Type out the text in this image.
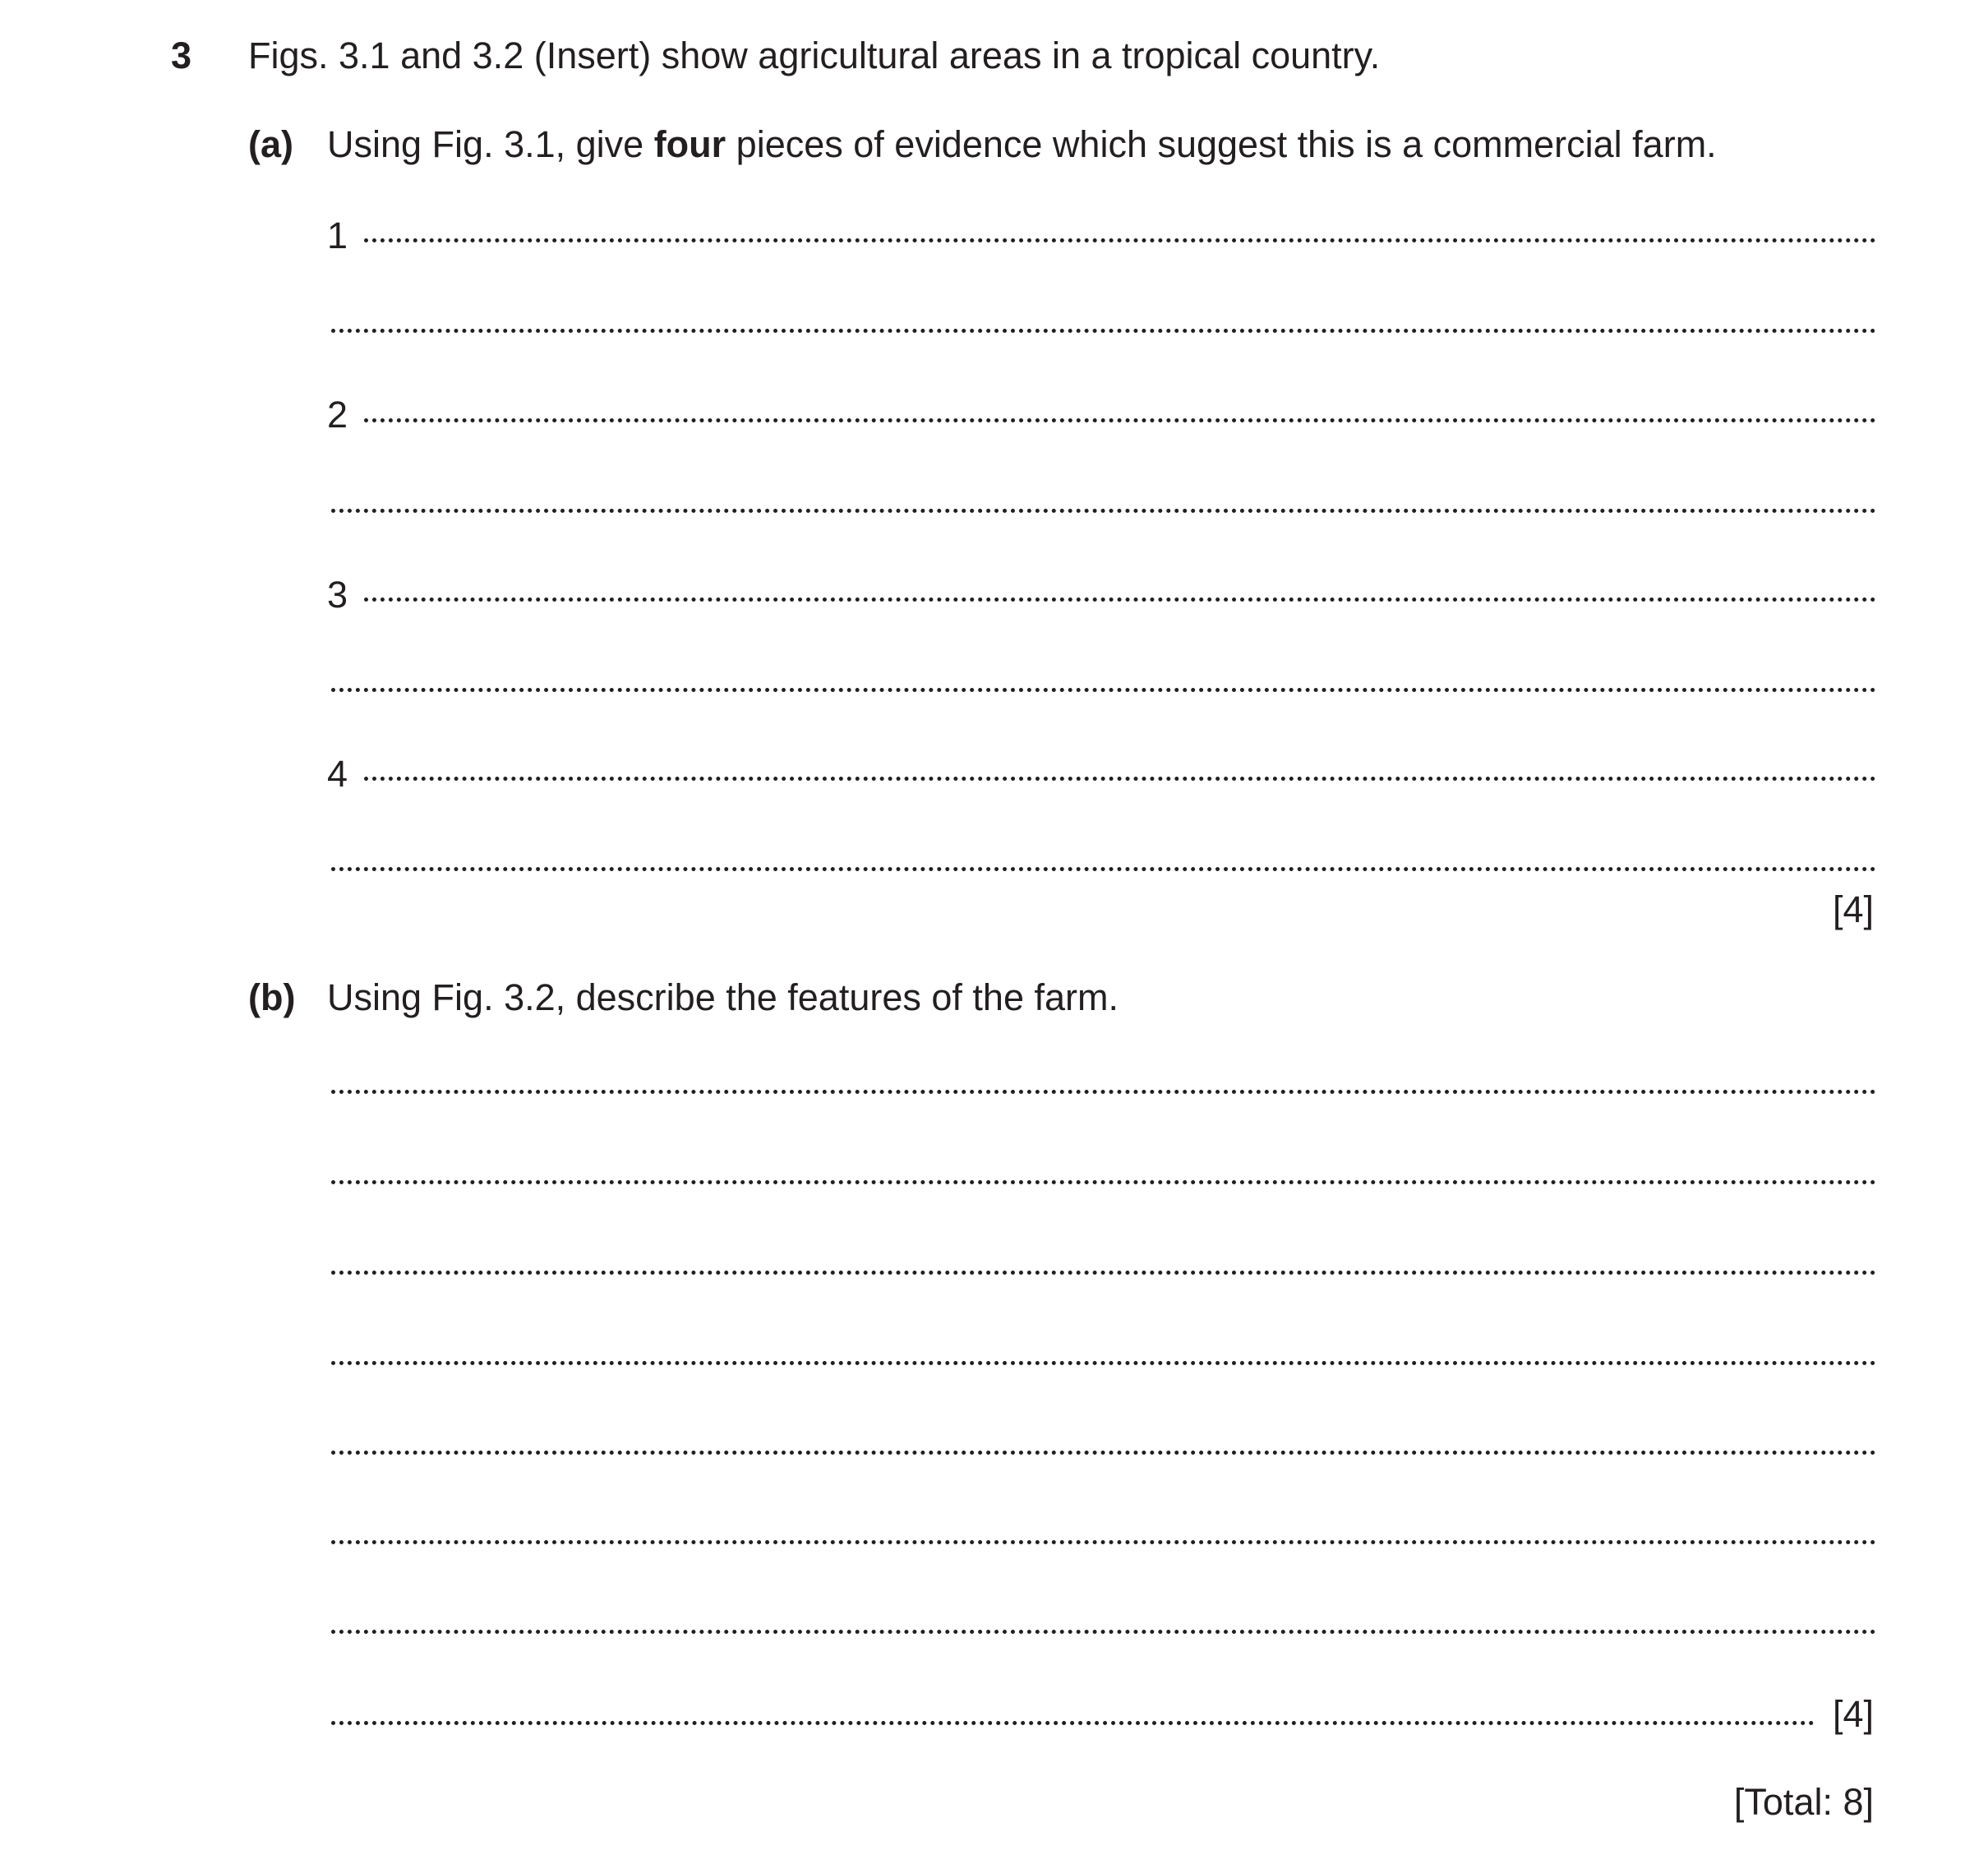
3 Figs. 3.1 and 3.2 (Insert) show agricultural areas in a tropical country.
(a) Using Fig. 3.1, give four pieces of evidence which suggest this is a commercial farm.
1
2
3
4
[4]
(b) Using Fig. 3.2, describe the features of the farm.
[4]
[Total: 8]
